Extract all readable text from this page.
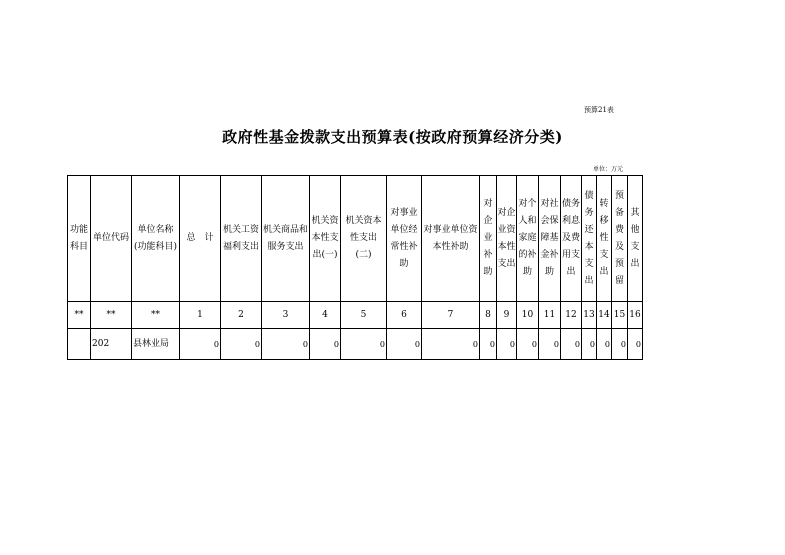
预算21表
政府性基金拨款支出预算表(按政府预算经济分类)
单位：万元
功能科目	单位代码	单位名称(功能科目)	总　计	机关工资福利支出	机关商品和服务支出	机关资本性支出(一)	机关资本性支出(二)	对事业单位经常性补助	对事业单位资本性补助	对企业补助	对企业资本性支出	对个人和家庭的补助	对社会保障基金补助	债务利息及费用支出	债务还本支出	转移性支出	预备费及预留	其他支出
**	**	**	1	2	3	4	5	6	7	8	9	10	11	12	13	14	15	16
	202	县林业局	0	0	0	0	0	0	0	0	0	0	0	0	0	0	0	0
